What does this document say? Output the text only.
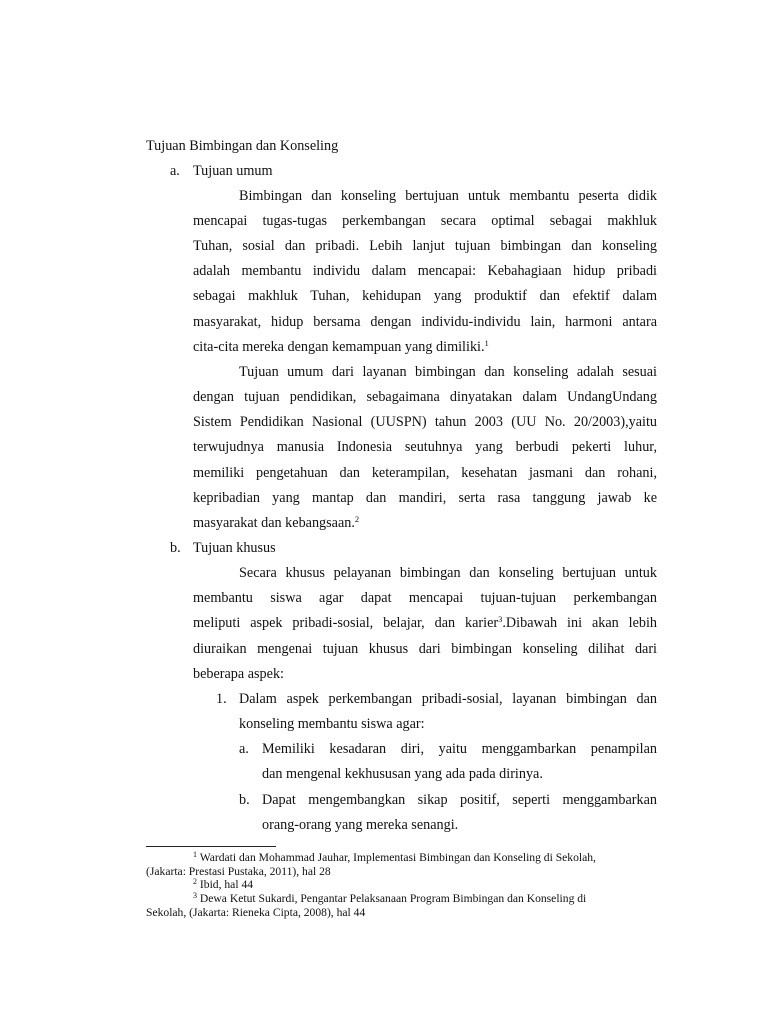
Tujuan Bimbingan dan Konseling
a. Tujuan umum
Bimbingan dan konseling bertujuan untuk membantu peserta didik
mencapai tugas-tugas perkembangan secara optimal sebagai makhluk
Tuhan, sosial dan pribadi. Lebih lanjut tujuan bimbingan dan konseling
adalah membantu individu dalam mencapai: Kebahagiaan hidup pribadi
sebagai makhluk Tuhan, kehidupan yang produktif dan efektif dalam
masyarakat, hidup bersama dengan individu-individu lain, harmoni antara
cita-cita mereka dengan kemampuan yang dimiliki.$^1$
Tujuan umum dari layanan bimbingan dan konseling adalah sesuai
dengan tujuan pendidikan, sebagaimana dinyatakan dalam UndangUndang
Sistem Pendidikan Nasional (UUSPN) tahun 2003 (UU No. 20/2003),yaitu
terwujudnya manusia Indonesia seutuhnya yang berbudi pekerti luhur,
memiliki pengetahuan dan keterampilan, kesehatan jasmani dan rohani,
kepribadian yang mantap dan mandiri, serta rasa tanggung jawab ke
masyarakat dan kebangsaan.$^2$
b. Tujuan khusus
Secara khusus pelayanan bimbingan dan konseling bertujuan untuk
membantu siswa agar dapat mencapai tujuan-tujuan perkembangan
meliputi aspek pribadi-sosial, belajar, dan karier$^3$.Dibawah ini akan lebih
diuraikan mengenai tujuan khusus dari bimbingan konseling dilihat dari
beberapa aspek:
1. Dalam aspek perkembangan pribadi-sosial, layanan bimbingan dan
konseling membantu siswa agar:
a. Memiliki kesadaran diri, yaitu menggambarkan penampilan
dan mengenal kekhususan yang ada pada dirinya.
b. Dapat mengembangkan sikap positif, seperti menggambarkan
orang-orang yang mereka senangi.
$^1$ Wardati dan Mohammad Jauhar, Implementasi Bimbingan dan Konseling di Sekolah,
(Jakarta: Prestasi Pustaka, 2011), hal 28
$^2$ Ibid, hal 44
$^3$ Dewa Ketut Sukardi, Pengantar Pelaksanaan Program Bimbingan dan Konseling di
Sekolah, (Jakarta: Rieneka Cipta, 2008), hal 44
